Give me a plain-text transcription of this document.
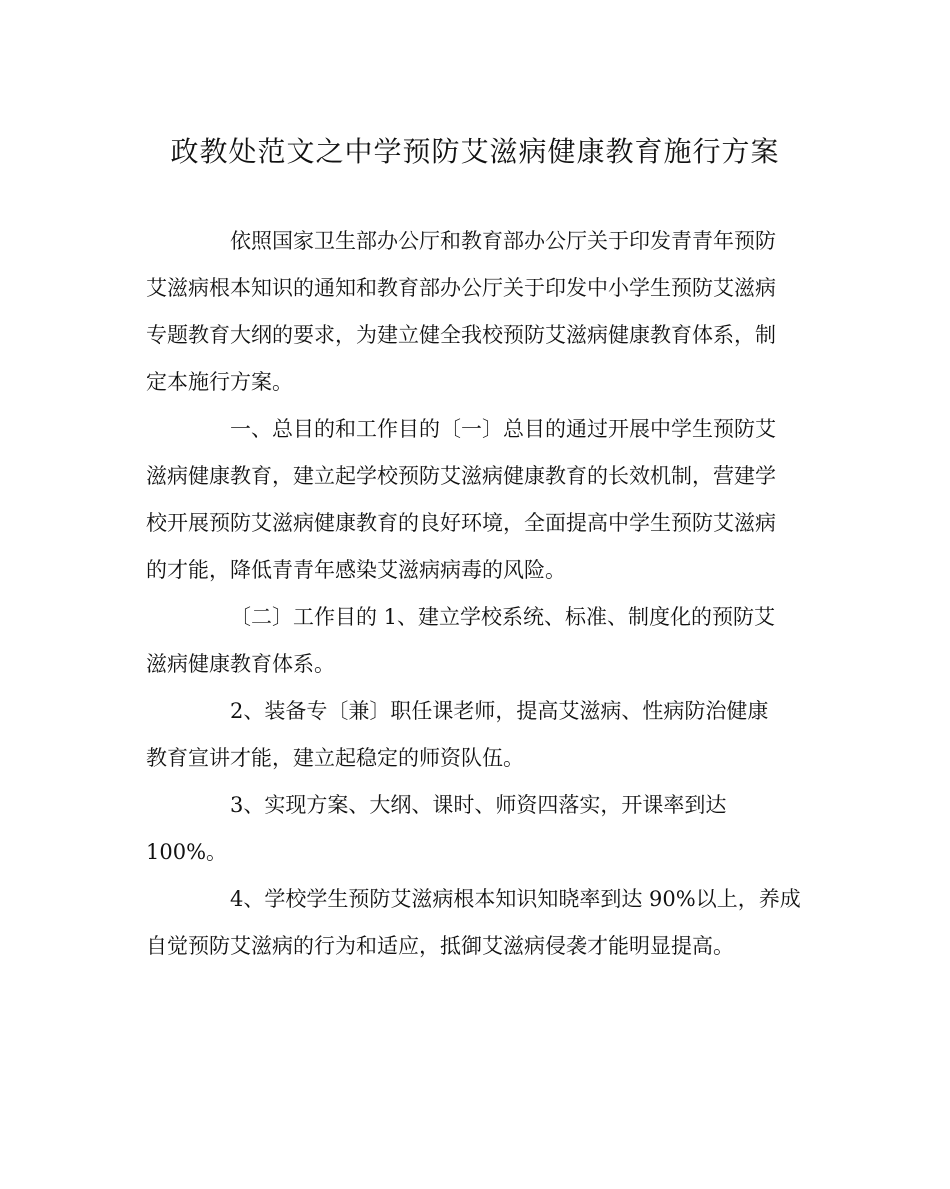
政教处范文之中学预防艾滋病健康教育施行方案
依照国家卫生部办公厅和教育部办公厅关于印发青青年预防
艾滋病根本知识的通知和教育部办公厅关于印发中小学生预防艾滋病
专题教育大纲的要求，为建立健全我校预防艾滋病健康教育体系，制
定本施行方案。
一、总目的和工作目的〔一〕总目的通过开展中学生预防艾
滋病健康教育，建立起学校预防艾滋病健康教育的长效机制，营建学
校开展预防艾滋病健康教育的良好环境，全面提高中学生预防艾滋病
的才能，降低青青年感染艾滋病病毒的风险。
〔二〕工作目的 1、建立学校系统、标准、制度化的预防艾
滋病健康教育体系。
2、装备专〔兼〕职任课老师，提高艾滋病、性病防治健康
教育宣讲才能，建立起稳定的师资队伍。
3、实现方案、大纲、课时、师资四落实，开课率到达
100%。
4、学校学生预防艾滋病根本知识知晓率到达 90%以上，养成
自觉预防艾滋病的行为和适应，抵御艾滋病侵袭才能明显提高。
